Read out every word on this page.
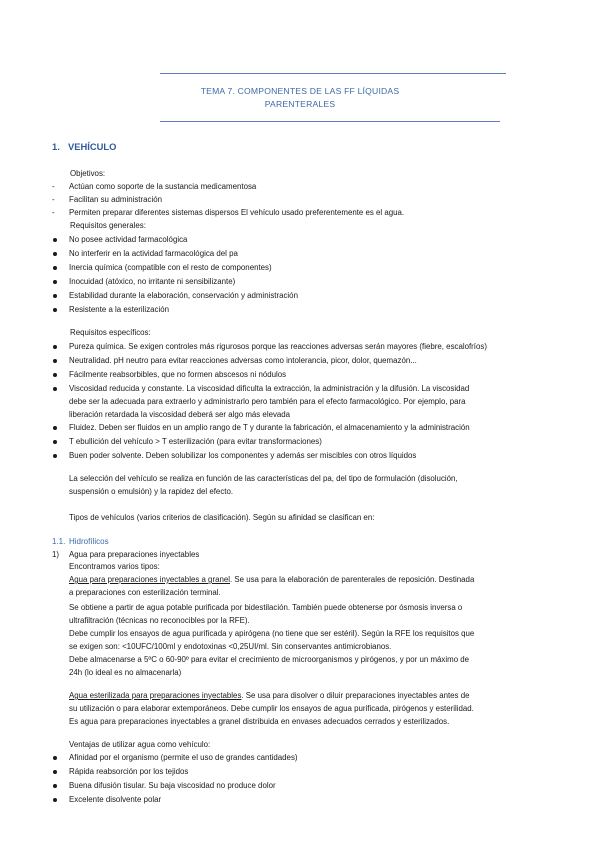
TEMA 7. COMPONENTES DE LAS FF LÍQUIDAS
PARENTERALES
1. VEHÍCULO
Objetivos:
-	Actúan como soporte de la sustancia medicamentosa
-	Facilitan su administración
-	Permiten preparar diferentes sistemas dispersos El vehículo usado preferentemente es el agua.
Requisitos generales:
No posee actividad farmacológica
No interferir en la actividad farmacológica del pa
Inercia química (compatible con el resto de componentes)
Inocuidad (atóxico, no irritante ni sensibilizante)
Estabilidad durante la elaboración, conservación y administración
Resistente a la esterilización
Requisitos específicos:
Pureza química. Se exigen controles más rigurosos porque las reacciones adversas serán mayores (fiebre, escalofríos)
Neutralidad. pH neutro para evitar reacciones adversas como intolerancia, picor, dolor, quemazón...
Fácilmente reabsorbibles, que no formen abscesos ni nódulos
Viscosidad reducida y constante. La viscosidad dificulta la extracción, la administración y la difusión. La viscosidad
debe ser la adecuada para extraerlo y administrarlo pero también para el efecto farmacológico. Por ejemplo, para
liberación retardada la viscosidad deberá ser algo más elevada
Fluidez. Deben ser fluidos en un amplio rango de T y durante la fabricación, el almacenamiento y la administración
T ebullición del vehículo > T esterilización (para evitar transformaciones)
Buen poder solvente. Deben solubilizar los componentes y además ser miscibles con otros líquidos
La selección del vehículo se realiza en función de las características del pa, del tipo de formulación (disolución,
suspensión o emulsión) y la rapidez del efecto.
Tipos de vehículos (varios criterios de clasificación). Según su afinidad se clasifican en:
1.1. Hidrofílicos
1) Agua para preparaciones inyectables
Encontramos varios tipos:
Agua para preparaciones inyectables a granel. Se usa para la elaboración de parenterales de reposición. Destinada
a preparaciones con esterilización terminal.
Se obtiene a partir de agua potable purificada por bidestilación. También puede obtenerse por ósmosis inversa o
ultrafiltración (técnicas no reconocibles por la RFE).
Debe cumplir los ensayos de agua purificada y apirógena (no tiene que ser estéril). Según la RFE los requisitos que
se exigen son: <10UFC/100ml y endotoxinas <0,25UI/ml. Sin conservantes antimicrobianos.
Debe almacenarse a 5ºC o 60-90º para evitar el crecimiento de microorganismos y pirógenos, y por un máximo de
24h (lo ideal es no almacenarla)
Agua esterilizada para preparaciones inyectables. Se usa para disolver o diluir preparaciones inyectables antes de
su utilización o para elaborar extemporáneos. Debe cumplir los ensayos de agua purificada, pirógenos y esterilidad.
Es agua para preparaciones inyectables a granel distribuida en envases adecuados cerrados y esterilizados.
Ventajas de utilizar agua como vehículo:
Afinidad por el organismo (permite el uso de grandes cantidades)
Rápida reabsorción por los tejidos
Buena difusión tisular. Su baja viscosidad no produce dolor
Excelente disolvente polar
